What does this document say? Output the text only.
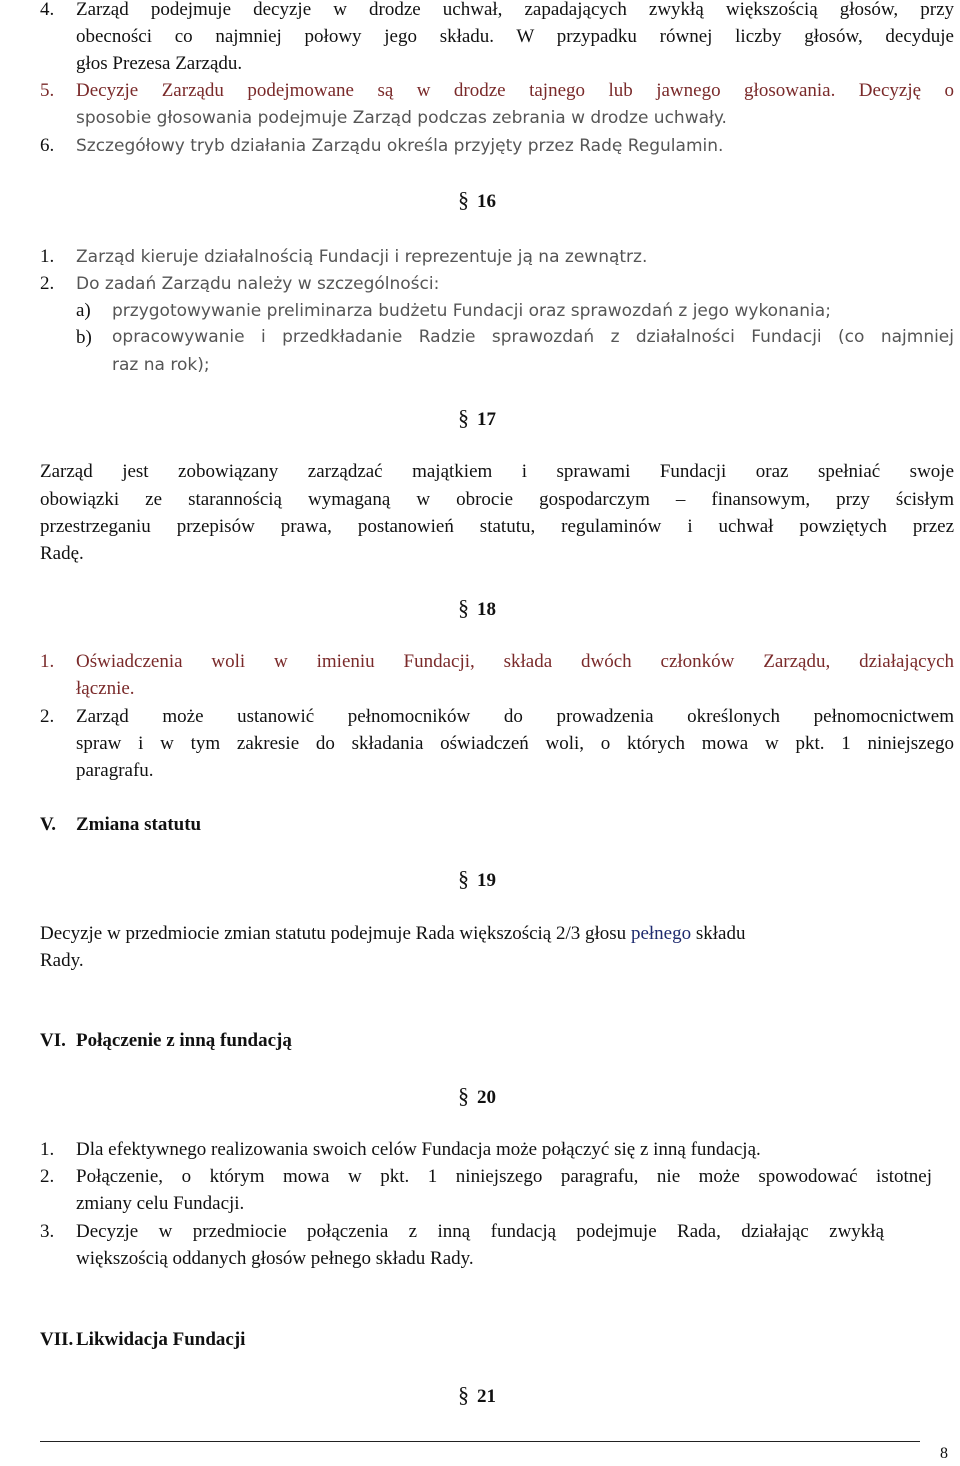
4. Zarząd podejmuje decyzje w drodze uchwał, zapadających zwykłą większością głosów, przy
obecności co najmniej połowy jego składu. W przypadku równej liczby głosów, decyduje
głos Prezesa Zarządu.
5. Decyzje Zarządu podejmowane są w drodze tajnego lub jawnego głosowania. Decyzję o
sposobie głosowania podejmuje Zarząd podczas zebrania w drodze uchwały.
6. Szczegółowy tryb działania Zarządu określa przyjęty przez Radę Regulamin.
§ 16
1. Zarząd kieruje działalnością Fundacji i reprezentuje ją na zewnątrz.
2. Do zadań Zarządu należy w szczególności:
a) przygotowywanie preliminarza budżetu Fundacji oraz sprawozdań z jego wykonania;
b) opracowywanie i przedkładanie Radzie sprawozdań z działalności Fundacji (co najmniej
raz na rok);
§ 17
Zarząd jest zobowiązany zarządzać majątkiem i sprawami Fundacji oraz spełniać swoje
obowiązki ze starannością wymaganą w obrocie gospodarczym – finansowym, przy ścisłym
przestrzeganiu przepisów prawa, postanowień statutu, regulaminów i uchwał powziętych przez
Radę.
§ 18
1. Oświadczenia woli w imieniu Fundacji, składa dwóch członków Zarządu, działających
łącznie.
2. Zarząd może ustanowić pełnomocników do prowadzenia określonych pełnomocnictwem
spraw i w tym zakresie do składania oświadczeń woli, o których mowa w pkt. 1 niniejszego
paragrafu.
V. Zmiana statutu
§ 19
Decyzje w przedmiocie zmian statutu podejmuje Rada większością 2/3 głosu pełnego składu
Rady.
VI. Połączenie z inną fundacją
§ 20
1. Dla efektywnego realizowania swoich celów Fundacja może połączyć się z inną fundacją.
2. Połączenie, o którym mowa w pkt. 1 niniejszego paragrafu, nie może spowodować istotnej
zmiany celu Fundacji.
3. Decyzje w przedmiocie połączenia z inną fundacją podejmuje Rada, działając zwykłą
większością oddanych głosów pełnego składu Rady.
VII. Likwidacja Fundacji
§ 21
8
